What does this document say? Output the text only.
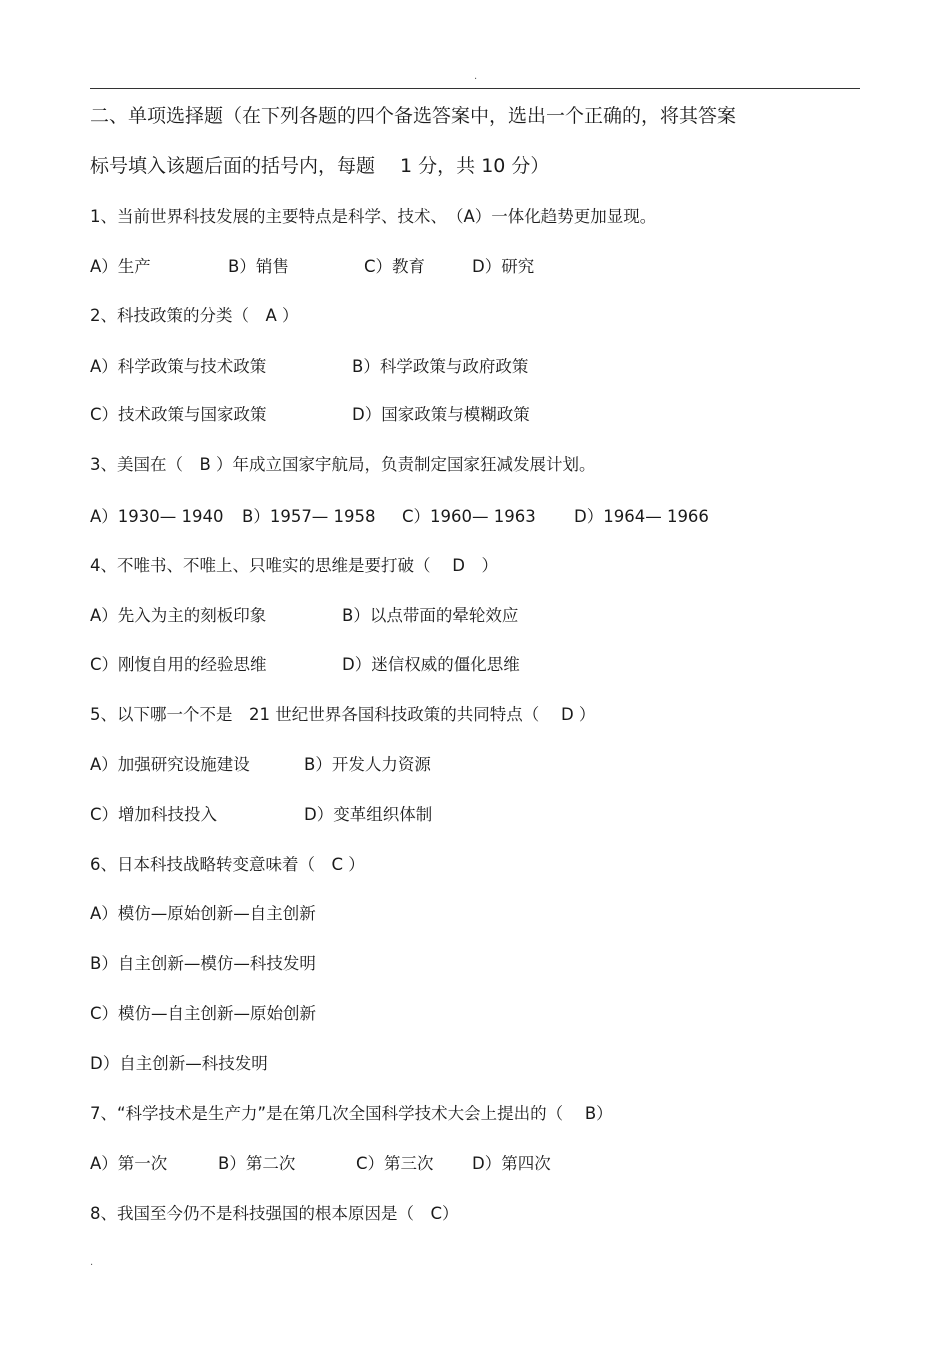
.
二、单项选择题（在下列各题的四个备选答案中，选出一个正确的，将其答案
标号填入该题后面的括号内，每题　 1 分，共 10 分）
1、当前世界科技发展的主要特点是科学、技术、　（A）一体化趋势更加显现。
A）生产	B）销售	C）教育	D）研究
2、科技政策的分类（　A ）
A）科学政策与技术政策	B）科学政策与政府政策
C）技术政策与国家政策	D）国家政策与模糊政策
3、美国在（　B ）年成立国家宇航局，负责制定国家狂减发展计划。
A）1930— 1940 B）1957— 1958 C）1960— 1963 D）1964— 1966
4、不唯书、不唯上、只唯实的思维是要打破（　 D　）
A）先入为主的刻板印象	B）以点带面的晕轮效应
C）刚愎自用的经验思维	D）迷信权威的僵化思维
5、以下哪一个不是　21 世纪世界各国科技政策的共同特点（　 D ）
A）加强研究设施建设	B）开发人力资源
C）增加科技投入	D）变革组织体制
6、日本科技战略转变意味着（　C ）
A）模仿—原始创新—自主创新
B）自主创新—模仿—科技发明
C）模仿—自主创新—原始创新
D）自主创新—科技发明
7、“科学技术是生产力”是在第几次全国科学技术大会上提出的（　 B）
A）第一次	B）第二次	C）第三次 D）第四次
8、我国至今仍不是科技强国的根本原因是（　C）
.
